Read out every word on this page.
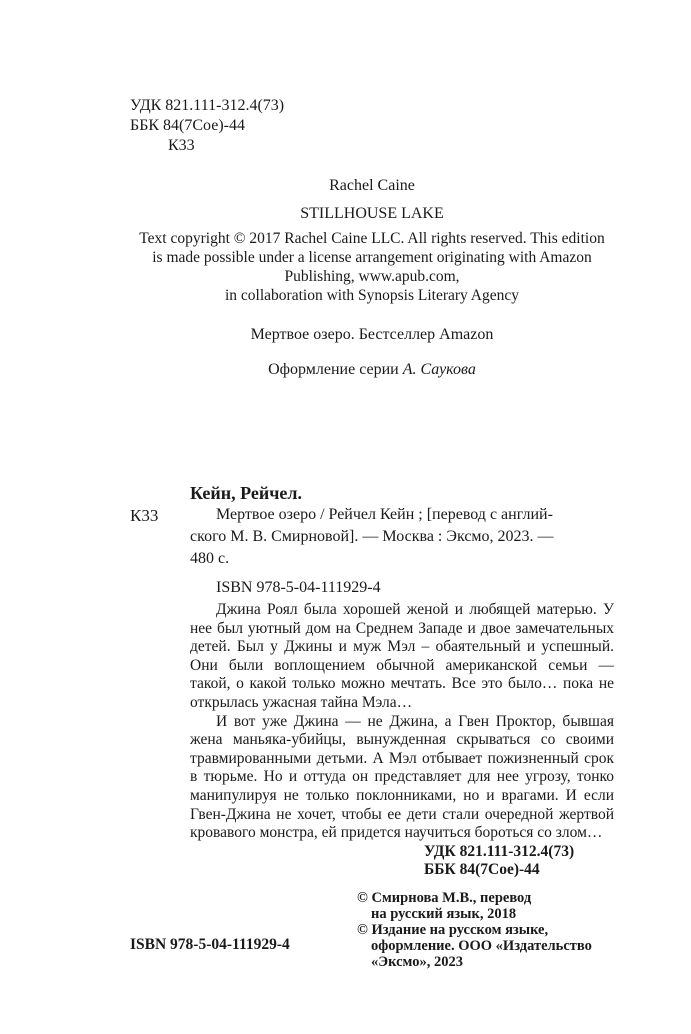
УДК 821.111-312.4(73)
ББК 84(7Сое)-44
К33
Rachel Caine
STILLHOUSE LAKE
Text copyright © 2017 Rachel Caine LLC. All rights reserved. This edition
is made possible under a license arrangement originating with Amazon
Publishing, www.apub.com,
in collaboration with Synopsis Literary Agency
Мертвое озеро. Бестселлер Amazon
Оформление серии А. Саукова
Кейн, Рейчел.
К33	Мертвое озеро / Рейчел Кейн ; [перевод с англий-
ского М. В. Смирновой]. — Москва : Эксмо, 2023. —
480 с.
ISBN 978-5-04-111929-4

Джина Роял была хорошей женой и любящей матерью. У нее был уютный дом на Среднем Западе и двое замечательных детей. Был у Джины и муж Мэл – обаятельный и успешный. Они были воплощением обычной американской семьи — такой, о какой только можно мечтать. Все это было… пока не открылась ужасная тайна Мэла…

И вот уже Джина — не Джина, а Гвен Проктор, бывшая жена маньяка-убийцы, вынужденная скрываться со своими травмированными детьми. А Мэл отбывает пожизненный срок в тюрьме. Но и оттуда он представляет для нее угрозу, тонко манипулируя не только поклонниками, но и врагами. И если Гвен-Джина не хочет, чтобы ее дети стали очередной жертвой кровавого монстра, ей придется научиться бороться со злом…

УДК 821.111-312.4(73)
ББК 84(7Сое)-44
ISBN 978-5-04-111929-4
© Смирнова М.В., перевод
на русский язык, 2018
© Издание на русском языке,
оформление. ООО «Издательство
«Эксмо», 2023
